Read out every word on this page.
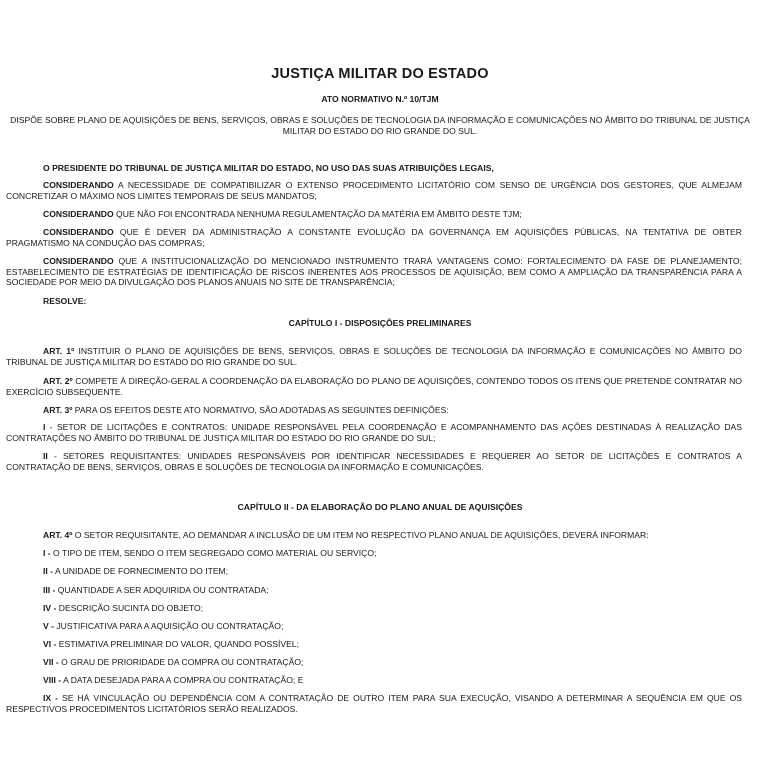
JUSTIÇA MILITAR DO ESTADO
ATO NORMATIVO N.º 10/TJM
DISPÕE SOBRE PLANO DE AQUISIÇÕES DE BENS, SERVIÇOS, OBRAS E SOLUÇÕES DE TECNOLOGIA DA INFORMAÇÃO E COMUNICAÇÕES NO ÂMBITO DO TRIBUNAL DE JUSTIÇA MILITAR DO ESTADO DO RIO GRANDE DO SUL.
O PRESIDENTE DO TRIBUNAL DE JUSTIÇA MILITAR DO ESTADO, NO USO DAS SUAS ATRIBUIÇÕES LEGAIS,
CONSIDERANDO A NECESSIDADE DE COMPATIBILIZAR O EXTENSO PROCEDIMENTO LICITATÓRIO COM SENSO DE URGÊNCIA DOS GESTORES, QUE ALMEJAM CONCRETIZAR O MÁXIMO NOS LIMITES TEMPORAIS DE SEUS MANDATOS;
CONSIDERANDO QUE NÃO FOI ENCONTRADA NENHUMA REGULAMENTAÇÃO DA MATÉRIA EM ÂMBITO DESTE TJM;
CONSIDERANDO QUE É DEVER DA ADMINISTRAÇÃO A CONSTANTE EVOLUÇÃO DA GOVERNANÇA EM AQUISIÇÕES PÚBLICAS, NA TENTATIVA DE OBTER PRAGMATISMO NA CONDUÇÃO DAS COMPRAS;
CONSIDERANDO QUE A INSTITUCIONALIZAÇÃO DO MENCIONADO INSTRUMENTO TRARÁ VANTAGENS COMO: FORTALECIMENTO DA FASE DE PLANEJAMENTO; ESTABELECIMENTO DE ESTRATÉGIAS DE IDENTIFICAÇÃO DE RISCOS INERENTES AOS PROCESSOS DE AQUISIÇÃO, BEM COMO A AMPLIAÇÃO DA TRANSPARÊNCIA PARA A SOCIEDADE POR MEIO DA DIVULGAÇÃO DOS PLANOS ANUAIS NO SITE DE TRANSPARÊNCIA;
RESOLVE:
CAPÍTULO I - DISPOSIÇÕES PRELIMINARES
ART. 1º INSTITUIR O PLANO DE AQUISIÇÕES DE BENS, SERVIÇOS, OBRAS E SOLUÇÕES DE TECNOLOGIA DA INFORMAÇÃO E COMUNICAÇÕES NO ÂMBITO DO TRIBUNAL DE JUSTIÇA MILITAR DO ESTADO DO RIO GRANDE DO SUL.
ART. 2º COMPETE À DIREÇÃO-GERAL A COORDENAÇÃO DA ELABORAÇÃO DO PLANO DE AQUISIÇÕES, CONTENDO TODOS OS ITENS QUE PRETENDE CONTRATAR NO EXERCÍCIO SUBSEQUENTE.
ART. 3º PARA OS EFEITOS DESTE ATO NORMATIVO, SÃO ADOTADAS AS SEGUINTES DEFINIÇÕES:
I - SETOR DE LICITAÇÕES E CONTRATOS: UNIDADE RESPONSÁVEL PELA COORDENAÇÃO E ACOMPANHAMENTO DAS AÇÕES DESTINADAS À REALIZAÇÃO DAS CONTRATAÇÕES NO ÂMBITO DO TRIBUNAL DE JUSTIÇA MILITAR DO ESTADO DO RIO GRANDE DO SUL;
II - SETORES REQUISITANTES: UNIDADES RESPONSÁVEIS POR IDENTIFICAR NECESSIDADES E REQUERER AO SETOR DE LICITAÇÕES E CONTRATOS A CONTRATAÇÃO DE BENS, SERVIÇOS, OBRAS E SOLUÇÕES DE TECNOLOGIA DA INFORMAÇÃO E COMUNICAÇÕES.
CAPÍTULO II - DA ELABORAÇÃO DO PLANO ANUAL DE AQUISIÇÕES
ART. 4º O SETOR REQUISITANTE, AO DEMANDAR A INCLUSÃO DE UM ITEM NO RESPECTIVO PLANO ANUAL DE AQUISIÇÕES, DEVERÁ INFORMAR:
I - O TIPO DE ITEM, SENDO O ITEM SEGREGADO COMO MATERIAL OU SERVIÇO;
II - A UNIDADE DE FORNECIMENTO DO ITEM;
III - QUANTIDADE A SER ADQUIRIDA OU CONTRATADA;
IV - DESCRIÇÃO SUCINTA DO OBJETO;
V - JUSTIFICATIVA PARA A AQUISIÇÃO OU CONTRATAÇÃO;
VI - ESTIMATIVA PRELIMINAR DO VALOR, QUANDO POSSÍVEL;
VII - O GRAU DE PRIORIDADE DA COMPRA OU CONTRATAÇÃO;
VIII - A DATA DESEJADA PARA A COMPRA OU CONTRATAÇÃO; E
IX - SE HÁ VINCULAÇÃO OU DEPENDÊNCIA COM A CONTRATAÇÃO DE OUTRO ITEM PARA SUA EXECUÇÃO, VISANDO A DETERMINAR A SEQUÊNCIA EM QUE OS RESPECTIVOS PROCEDIMENTOS LICITATÓRIOS SERÃO REALIZADOS.
